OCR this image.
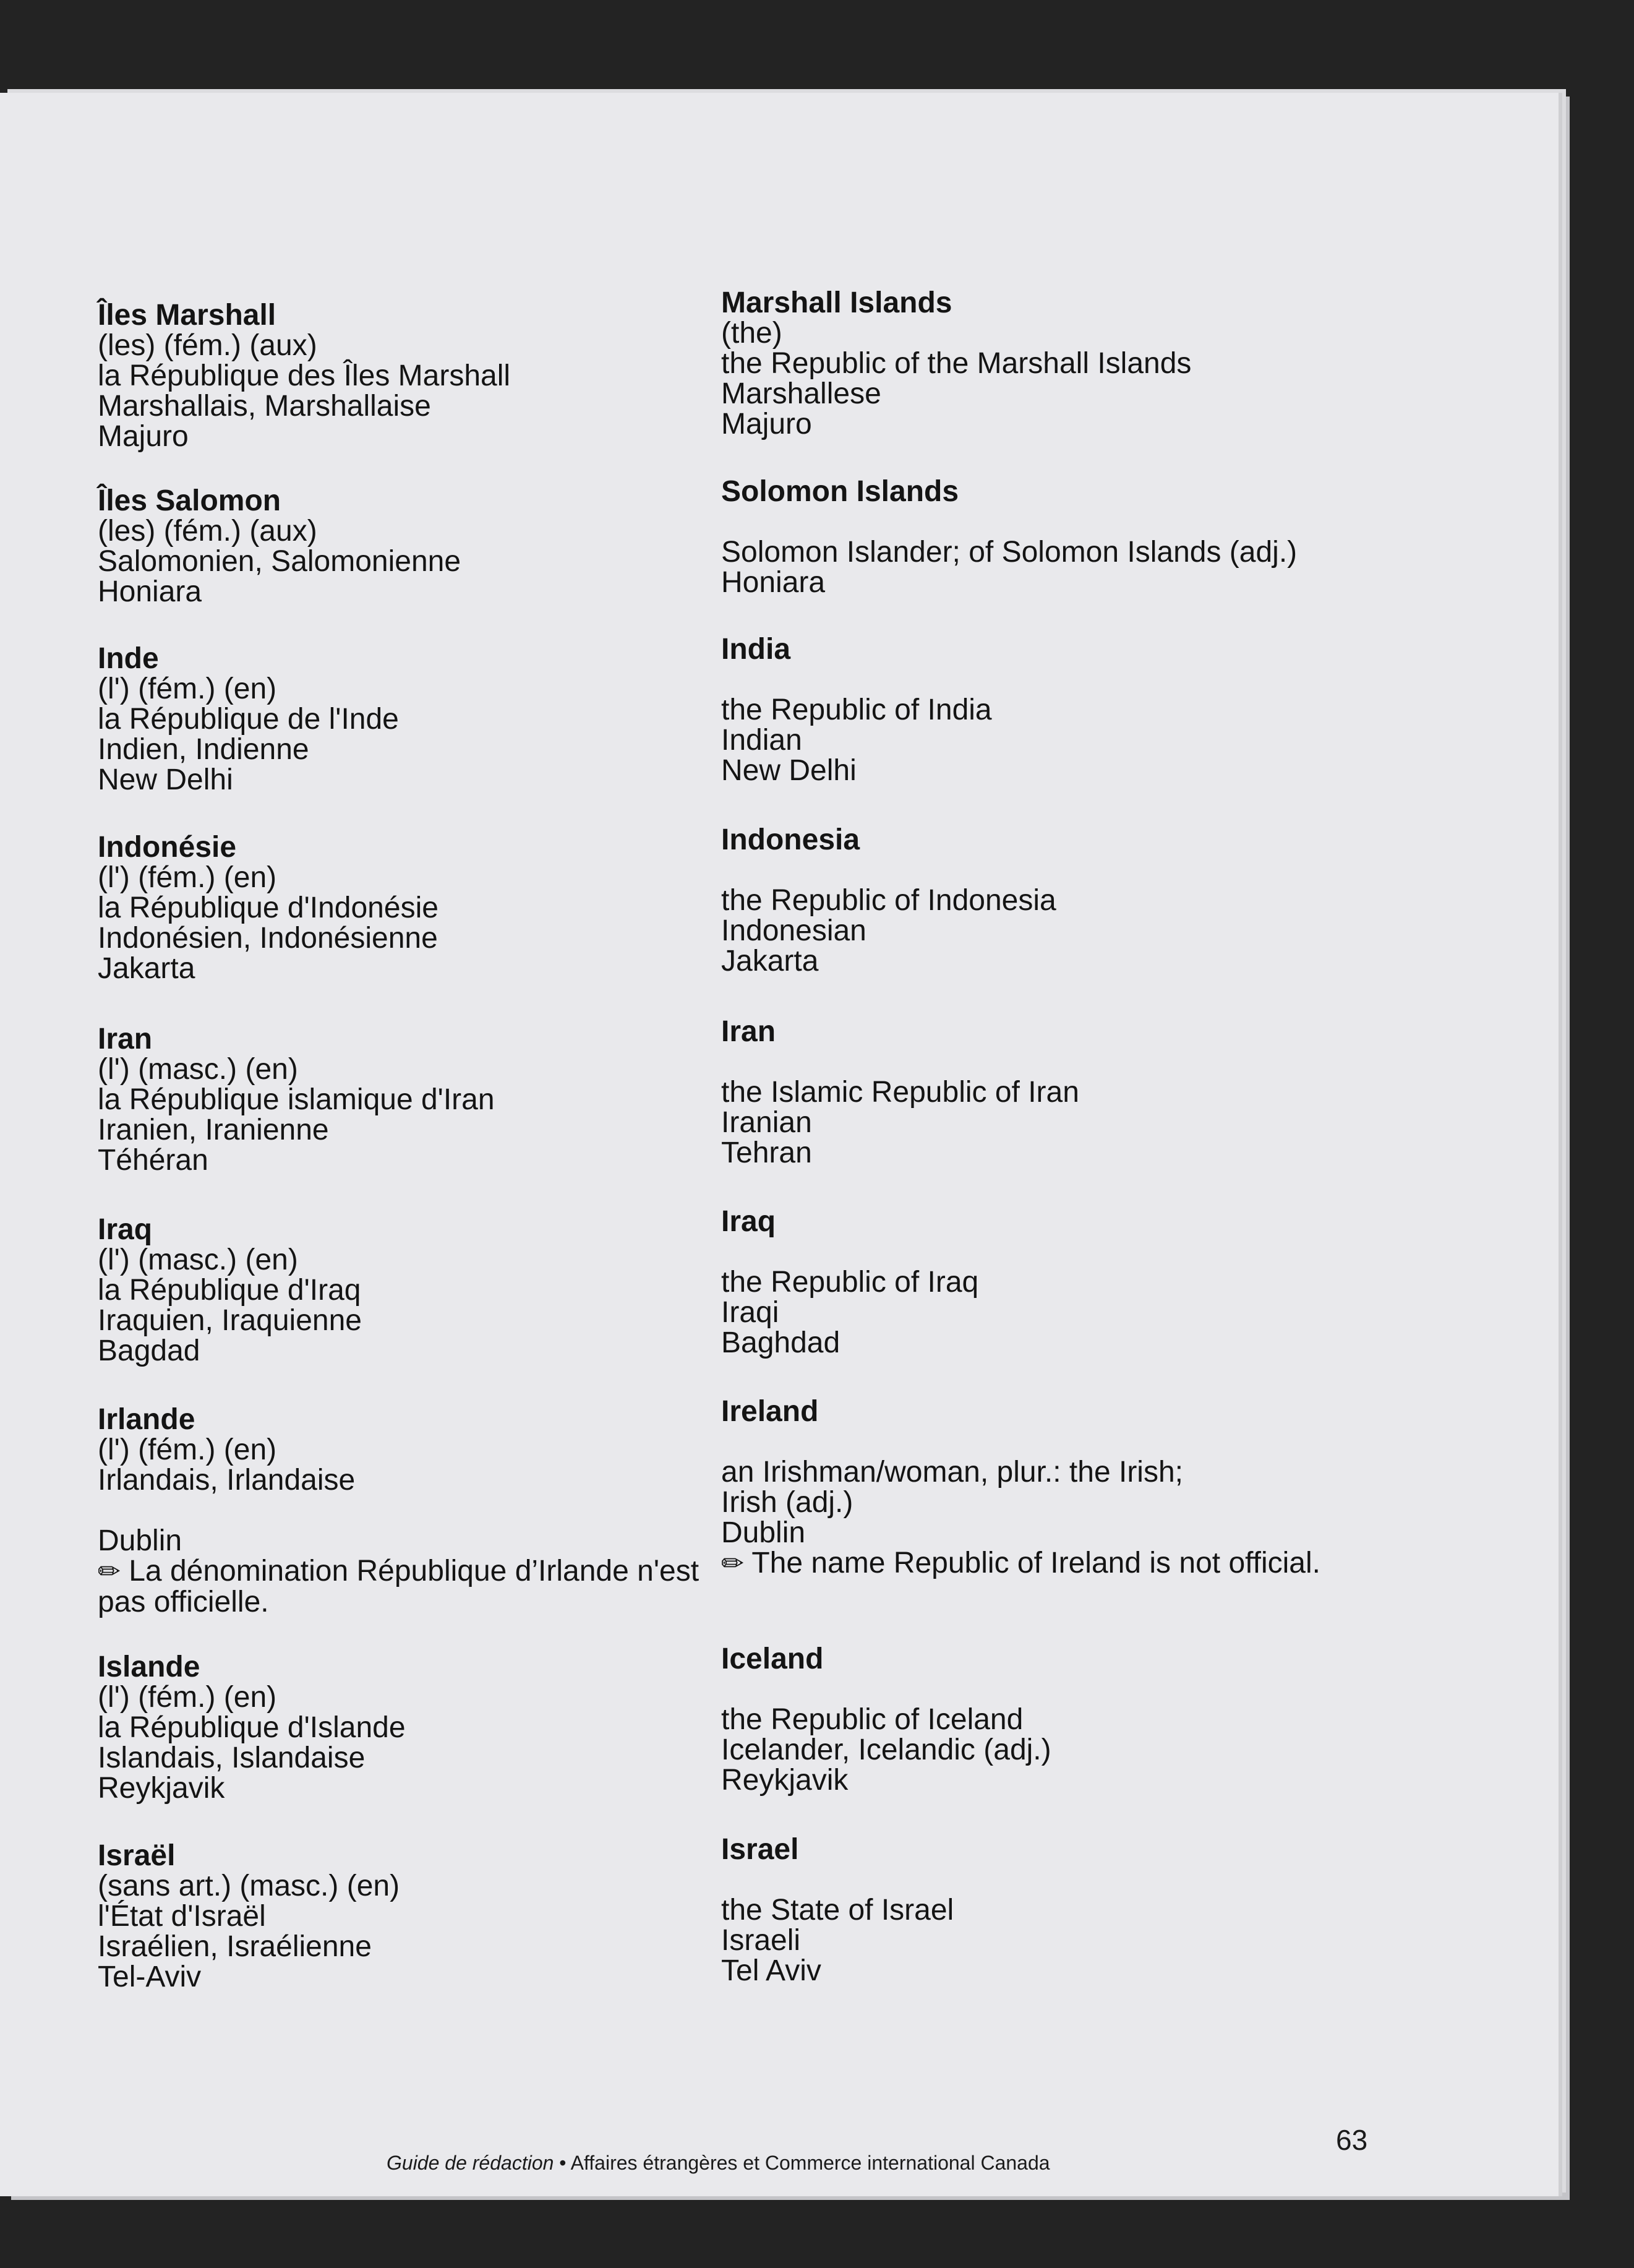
Îles Marshall
(les) (fém.) (aux)
la République des Îles Marshall
Marshallais, Marshallaise
Majuro
Îles Salomon
(les) (fém.) (aux)
Salomonien, Salomonienne
Honiara
Inde
(l') (fém.) (en)
la République de l'Inde
Indien, Indienne
New Delhi
Indonésie
(l') (fém.) (en)
la République d'Indonésie
Indonésien, Indonésienne
Jakarta
Iran
(l') (masc.) (en)
la République islamique d'Iran
Iranien, Iranienne
Téhéran
Iraq
(l') (masc.) (en)
la République d'Iraq
Iraquien, Iraquienne
Bagdad
Irlande
(l') (fém.) (en)
Irlandais, Irlandaise
Dublin
✏ La dénomination République d’Irlande n'est pas officielle.
Islande
(l') (fém.) (en)
la République d'Islande
Islandais, Islandaise
Reykjavik
Israël
(sans art.) (masc.) (en)
l'État d'Israël
Israélien, Israélienne
Tel-Aviv
Marshall Islands
(the)
the Republic of the Marshall Islands
Marshallese
Majuro
Solomon Islands
Solomon Islander; of Solomon Islands (adj.)
Honiara
India
the Republic of India
Indian
New Delhi
Indonesia
the Republic of Indonesia
Indonesian
Jakarta
Iran
the Islamic Republic of Iran
Iranian
Tehran
Iraq
the Republic of Iraq
Iraqi
Baghdad
Ireland
an Irishman/woman, plur.: the Irish;
Irish (adj.)
Dublin
✏ The name Republic of Ireland is not official.
Iceland
the Republic of Iceland
Icelander, Icelandic (adj.)
Reykjavik
Israel
the State of Israel
Israeli
Tel Aviv
Guide de rédaction • Affaires étrangères et Commerce international Canada
63
